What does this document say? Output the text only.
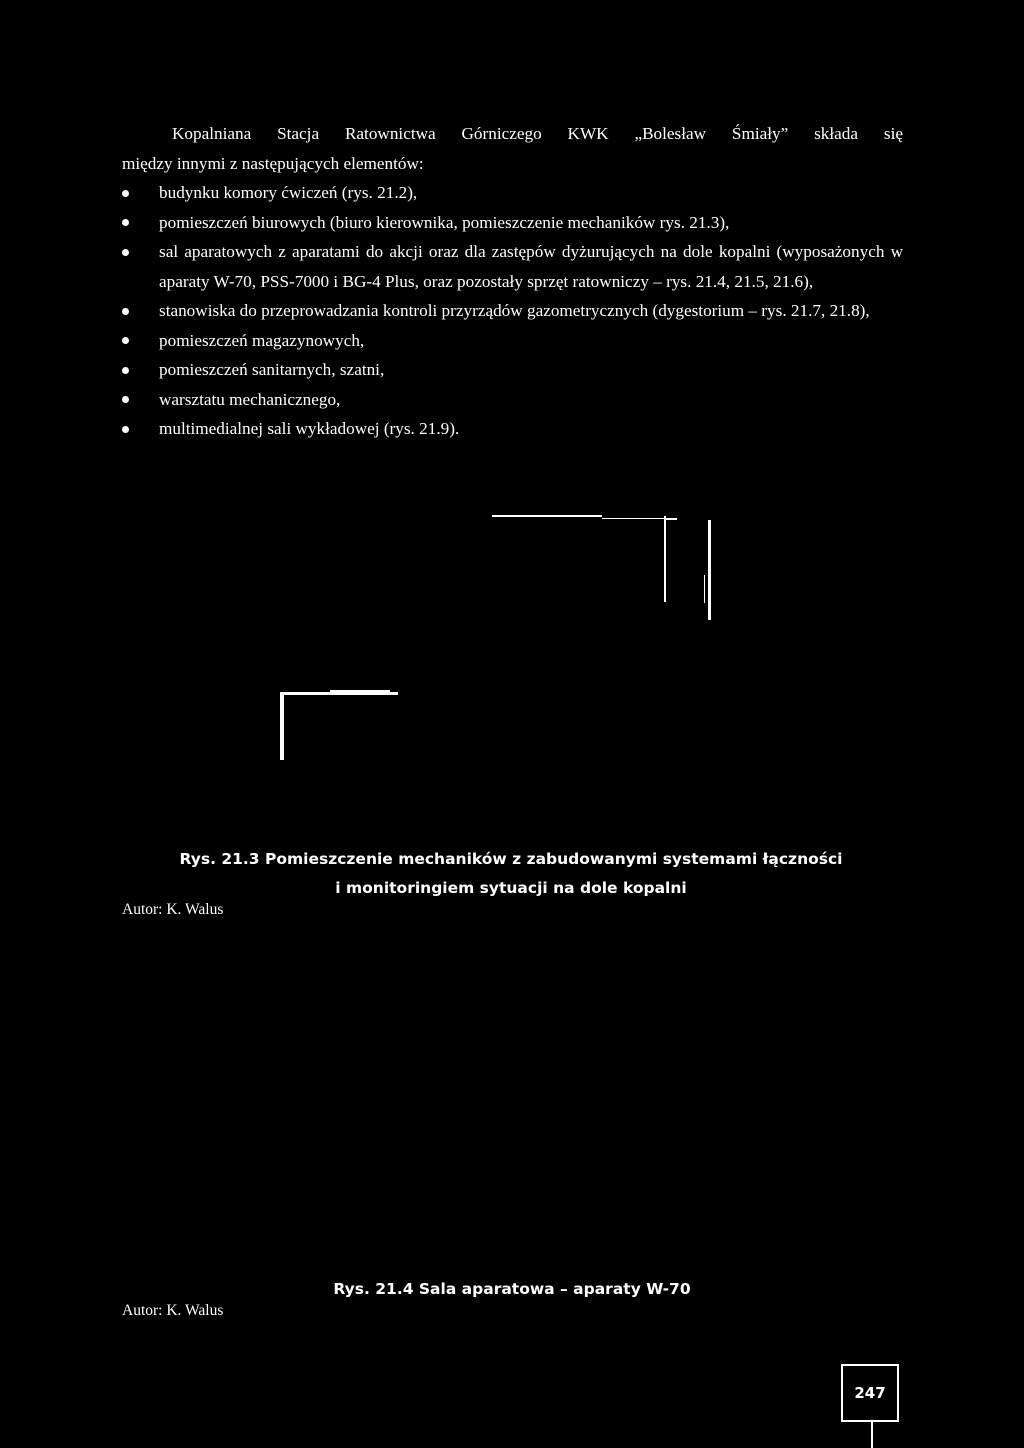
Kopalniana Stacja Ratownictwa Górniczego KWK „Bolesław Śmiały” składa się
między innymi z następujących elementów:
budynku komory ćwiczeń (rys. 21.2),
pomieszczeń biurowych (biuro kierownika, pomieszczenie mechaników rys. 21.3),
sal aparatowych z aparatami do akcji oraz dla zastępów dyżurujących na dole kopalni (wyposażonych w aparaty W-70, PSS-7000 i BG-4 Plus, oraz pozostały sprzęt ratowniczy – rys. 21.4, 21.5, 21.6),
stanowiska do przeprowadzania kontroli przyrządów gazometrycznych (dygestorium – rys. 21.7, 21.8),
pomieszczeń magazynowych,
pomieszczeń sanitarnych, szatni,
warsztatu mechanicznego,
multimedialnej sali wykładowej (rys. 21.9).
Rys. 21.3 Pomieszczenie mechaników z zabudowanymi systemami łączności
i monitoringiem sytuacji na dole kopalni
Autor: K. Walus
Rys. 21.4 Sala aparatowa – aparaty W-70
Autor: K. Walus
247
